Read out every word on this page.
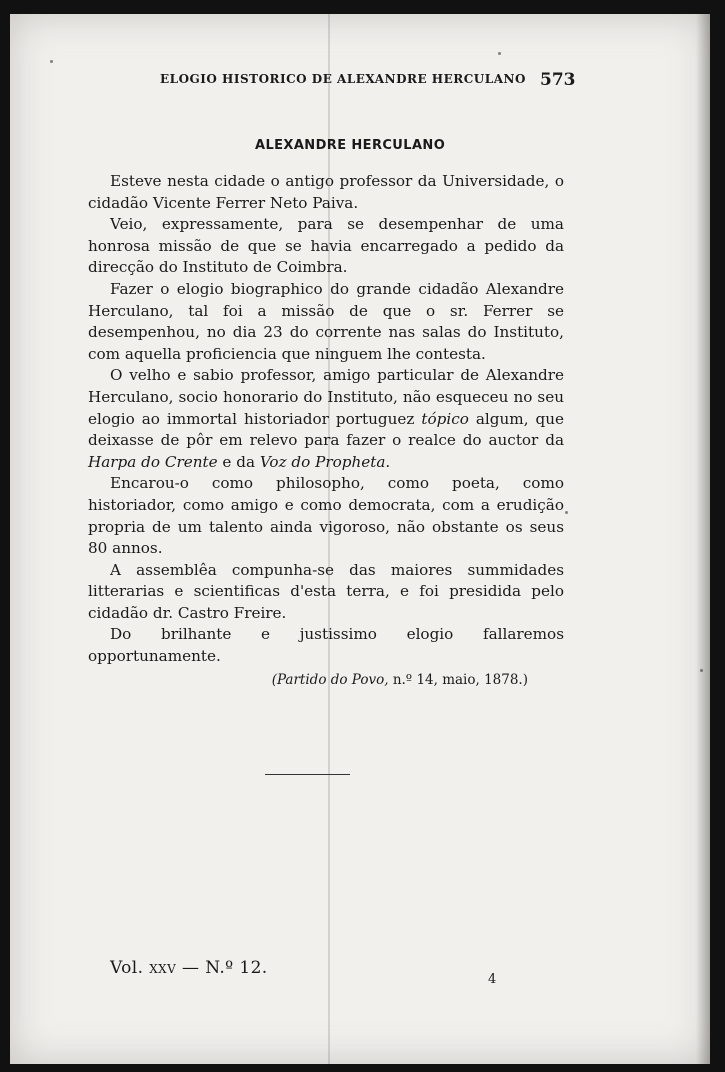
ELOGIO HISTORICO DE ALEXANDRE HERCULANO 573
ALEXANDRE HERCULANO

Esteve nesta cidade o antigo professor da Universidade, o cidadão Vicente Ferrer Neto Paiva.

Veio, expressamente, para se desempenhar de uma honrosa missão de que se havia encarregado a pedido da direcção do Instituto de Coimbra.

Fazer o elogio biographico do grande cidadão Alexandre Herculano, tal foi a missão de que o sr. Ferrer se desempenhou, no dia 23 do corrente nas salas do Instituto, com aquella proficiencia que ninguem lhe contesta.

O velho e sabio professor, amigo particular de Alexandre Herculano, socio honorario do Instituto, não esqueceu no seu elogio ao immortal historiador portuguez tópico algum, que deixasse de pôr em relevo para fazer o realce do auctor da Harpa do Crente e da Voz do Propheta.

Encarou-o como philosopho, como poeta, como historiador, como amigo e como democrata, com a erudição propria de um talento ainda vigoroso, não obstante os seus 80 annos.

A assemblêa compunha-se das maiores summidades litterarias e scientificas d'esta terra, e foi presidida pelo cidadão dr. Castro Freire.

Do brilhante e justissimo elogio fallaremos opportunamente.

(Partido do Povo, n.º 14, maio, 1878.)
Vol. xxv — N.º 12.
4
